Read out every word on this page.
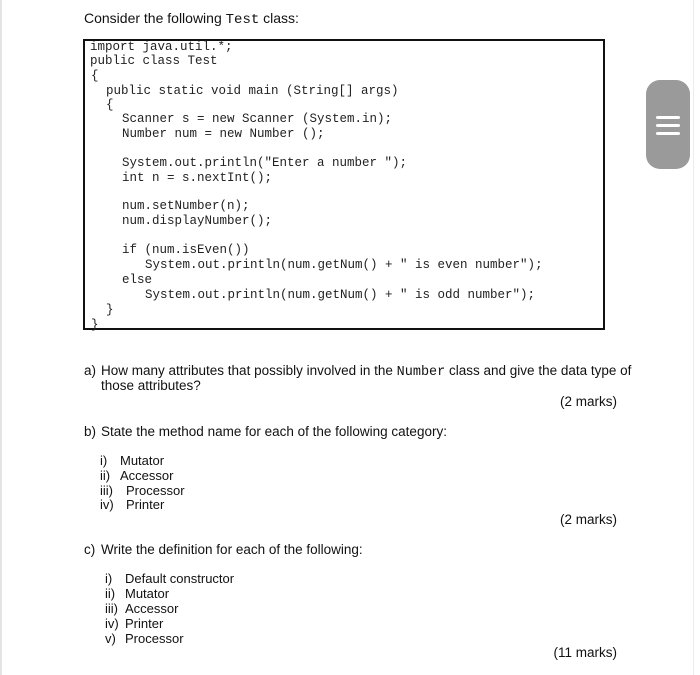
Consider the following Test class:
import java.util.*;
public class Test
{
public static void main (String[] args)
{
Scanner s = new Scanner (System.in);
Number num = new Number ();
System.out.println("Enter a number ");
int n = s.nextInt();
num.setNumber(n);
num.displayNumber();
if (num.isEven())
System.out.println(num.getNum() + " is even number");
else
System.out.println(num.getNum() + " is odd number");
}
}
a) How many attributes that possibly involved in the Number class and give the data type of
those attributes?
(2 marks)
b) State the method name for each of the following category:
i) Mutator
ii) Accessor
iii) Processor
iv) Printer
(2 marks)
c) Write the definition for each of the following:
i) Default constructor
ii) Mutator
iii) Accessor
iv) Printer
v) Processor
(11 marks)
